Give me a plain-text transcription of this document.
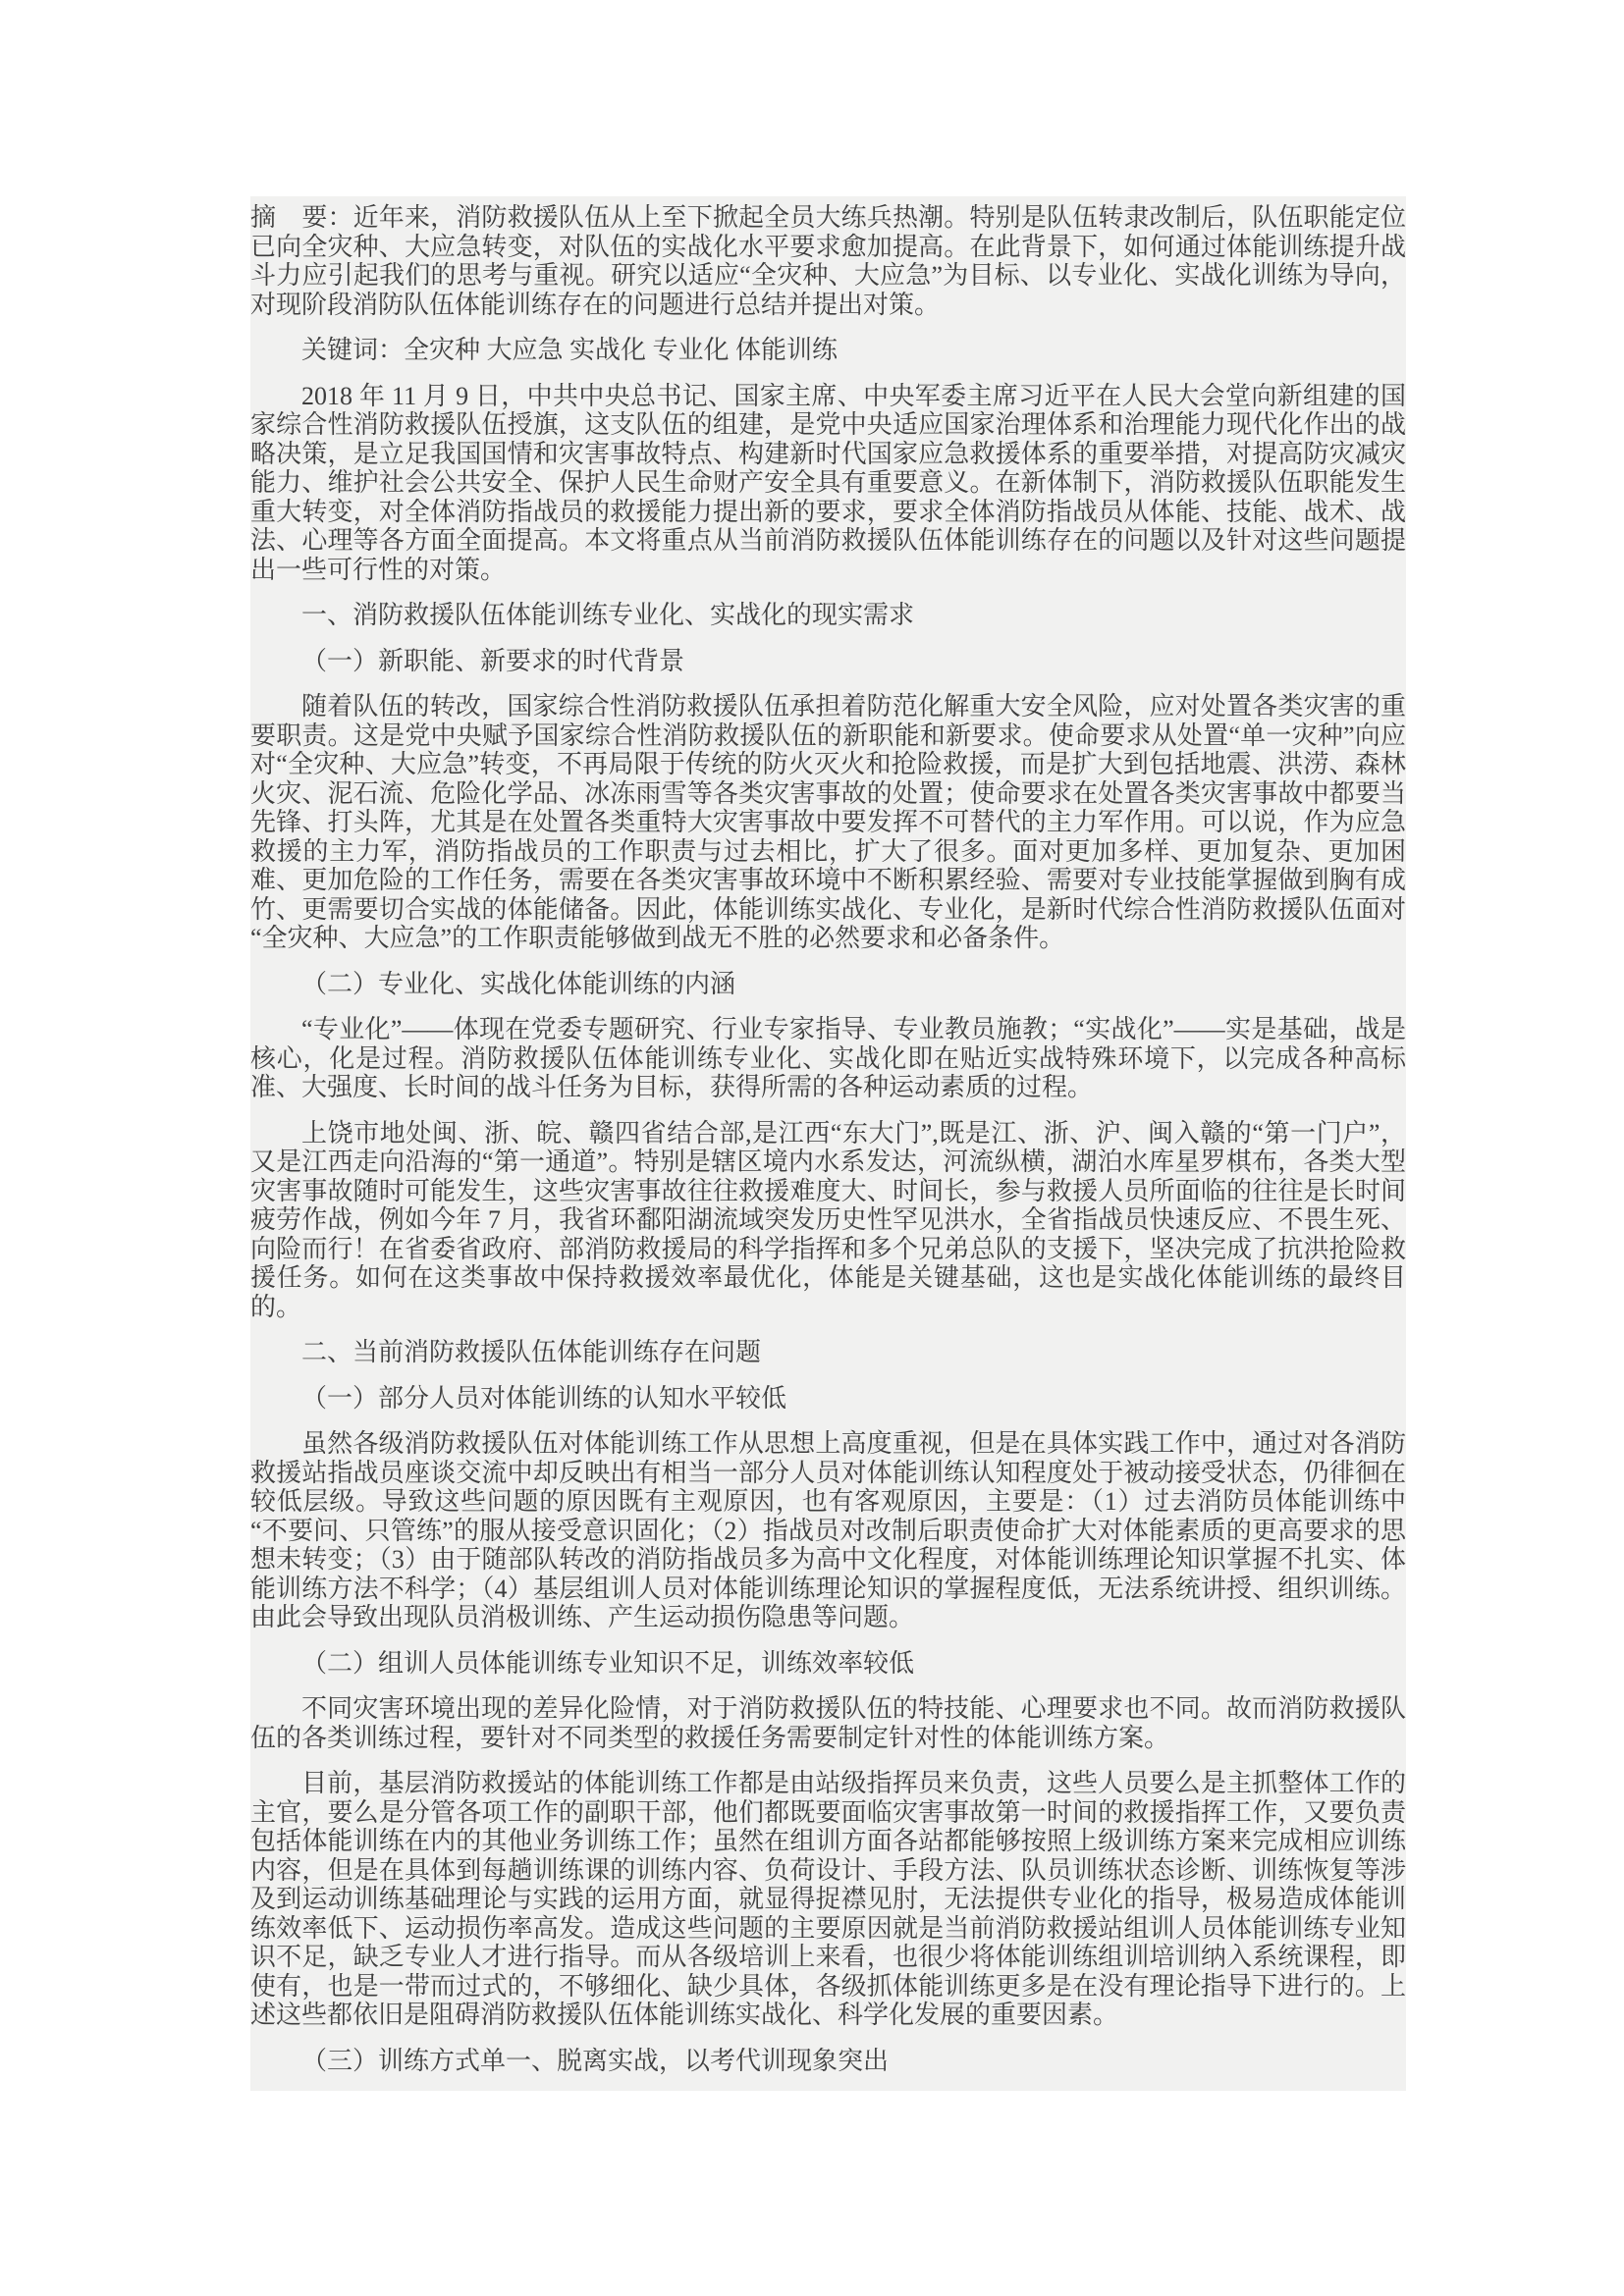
摘　要：近年来，消防救援队伍从上至下掀起全员大练兵热潮。特别是队伍转隶改制后，队伍职能定位已向全灾种、大应急转变，对队伍的实战化水平要求愈加提高。在此背景下，如何通过体能训练提升战斗力应引起我们的思考与重视。研究以适应“全灾种、大应急”为目标、以专业化、实战化训练为导向，对现阶段消防队伍体能训练存在的问题进行总结并提出对策。

关键词：全灾种 大应急 实战化 专业化 体能训练

2018 年 11 月 9 日，中共中央总书记、国家主席、中央军委主席习近平在人民大会堂向新组建的国家综合性消防救援队伍授旗，这支队伍的组建，是党中央适应国家治理体系和治理能力现代化作出的战略决策，是立足我国国情和灾害事故特点、构建新时代国家应急救援体系的重要举措，对提高防灾减灾能力、维护社会公共安全、保护人民生命财产安全具有重要意义。在新体制下，消防救援队伍职能发生重大转变，对全体消防指战员的救援能力提出新的要求，要求全体消防指战员从体能、技能、战术、战法、心理等各方面全面提高。本文将重点从当前消防救援队伍体能训练存在的问题以及针对这些问题提出一些可行性的对策。

一、消防救援队伍体能训练专业化、实战化的现实需求

（一）新职能、新要求的时代背景

随着队伍的转改，国家综合性消防救援队伍承担着防范化解重大安全风险，应对处置各类灾害的重要职责。这是党中央赋予国家综合性消防救援队伍的新职能和新要求。使命要求从处置“单一灾种”向应对“全灾种、大应急”转变，不再局限于传统的防火灭火和抢险救援，而是扩大到包括地震、洪涝、森林火灾、泥石流、危险化学品、冰冻雨雪等各类灾害事故的处置；使命要求在处置各类灾害事故中都要当先锋、打头阵，尤其是在处置各类重特大灾害事故中要发挥不可替代的主力军作用。可以说，作为应急救援的主力军，消防指战员的工作职责与过去相比，扩大了很多。面对更加多样、更加复杂、更加困难、更加危险的工作任务，需要在各类灾害事故环境中不断积累经验、需要对专业技能掌握做到胸有成竹、更需要切合实战的体能储备。因此，体能训练实战化、专业化，是新时代综合性消防救援队伍面对“全灾种、大应急”的工作职责能够做到战无不胜的必然要求和必备条件。

（二）专业化、实战化体能训练的内涵

“专业化”——体现在党委专题研究、行业专家指导、专业教员施教；“实战化”——实是基础，战是核心，化是过程。消防救援队伍体能训练专业化、实战化即在贴近实战特殊环境下，以完成各种高标准、大强度、长时间的战斗任务为目标，获得所需的各种运动素质的过程。

上饶市地处闽、浙、皖、赣四省结合部,是江西“东大门”,既是江、浙、沪、闽入赣的“第一门户”，又是江西走向沿海的“第一通道”。特别是辖区境内水系发达，河流纵横，湖泊水库星罗棋布，各类大型灾害事故随时可能发生，这些灾害事故往往救援难度大、时间长，参与救援人员所面临的往往是长时间疲劳作战，例如今年 7 月，我省环鄱阳湖流域突发历史性罕见洪水，全省指战员快速反应、不畏生死、向险而行！在省委省政府、部消防救援局的科学指挥和多个兄弟总队的支援下，坚决完成了抗洪抢险救援任务。如何在这类事故中保持救援效率最优化，体能是关键基础，这也是实战化体能训练的最终目的。

二、当前消防救援队伍体能训练存在问题

（一）部分人员对体能训练的认知水平较低

虽然各级消防救援队伍对体能训练工作从思想上高度重视，但是在具体实践工作中，通过对各消防救援站指战员座谈交流中却反映出有相当一部分人员对体能训练认知程度处于被动接受状态，仍徘徊在较低层级。导致这些问题的原因既有主观原因，也有客观原因，主要是：（1）过去消防员体能训练中“不要问、只管练”的服从接受意识固化；（2）指战员对改制后职责使命扩大对体能素质的更高要求的思想未转变；（3）由于随部队转改的消防指战员多为高中文化程度，对体能训练理论知识掌握不扎实、体能训练方法不科学；（4）基层组训人员对体能训练理论知识的掌握程度低，无法系统讲授、组织训练。由此会导致出现队员消极训练、产生运动损伤隐患等问题。

（二）组训人员体能训练专业知识不足，训练效率较低

不同灾害环境出现的差异化险情，对于消防救援队伍的特技能、心理要求也不同。故而消防救援队伍的各类训练过程，要针对不同类型的救援任务需要制定针对性的体能训练方案。

目前，基层消防救援站的体能训练工作都是由站级指挥员来负责，这些人员要么是主抓整体工作的主官，要么是分管各项工作的副职干部，他们都既要面临灾害事故第一时间的救援指挥工作，又要负责包括体能训练在内的其他业务训练工作；虽然在组训方面各站都能够按照上级训练方案来完成相应训练内容，但是在具体到每趟训练课的训练内容、负荷设计、手段方法、队员训练状态诊断、训练恢复等涉及到运动训练基础理论与实践的运用方面，就显得捉襟见肘，无法提供专业化的指导，极易造成体能训练效率低下、运动损伤率高发。造成这些问题的主要原因就是当前消防救援站组训人员体能训练专业知识不足，缺乏专业人才进行指导。而从各级培训上来看，也很少将体能训练组训培训纳入系统课程，即使有，也是一带而过式的，不够细化、缺少具体，各级抓体能训练更多是在没有理论指导下进行的。上述这些都依旧是阻碍消防救援队伍体能训练实战化、科学化发展的重要因素。

（三）训练方式单一、脱离实战，以考代训现象突出
